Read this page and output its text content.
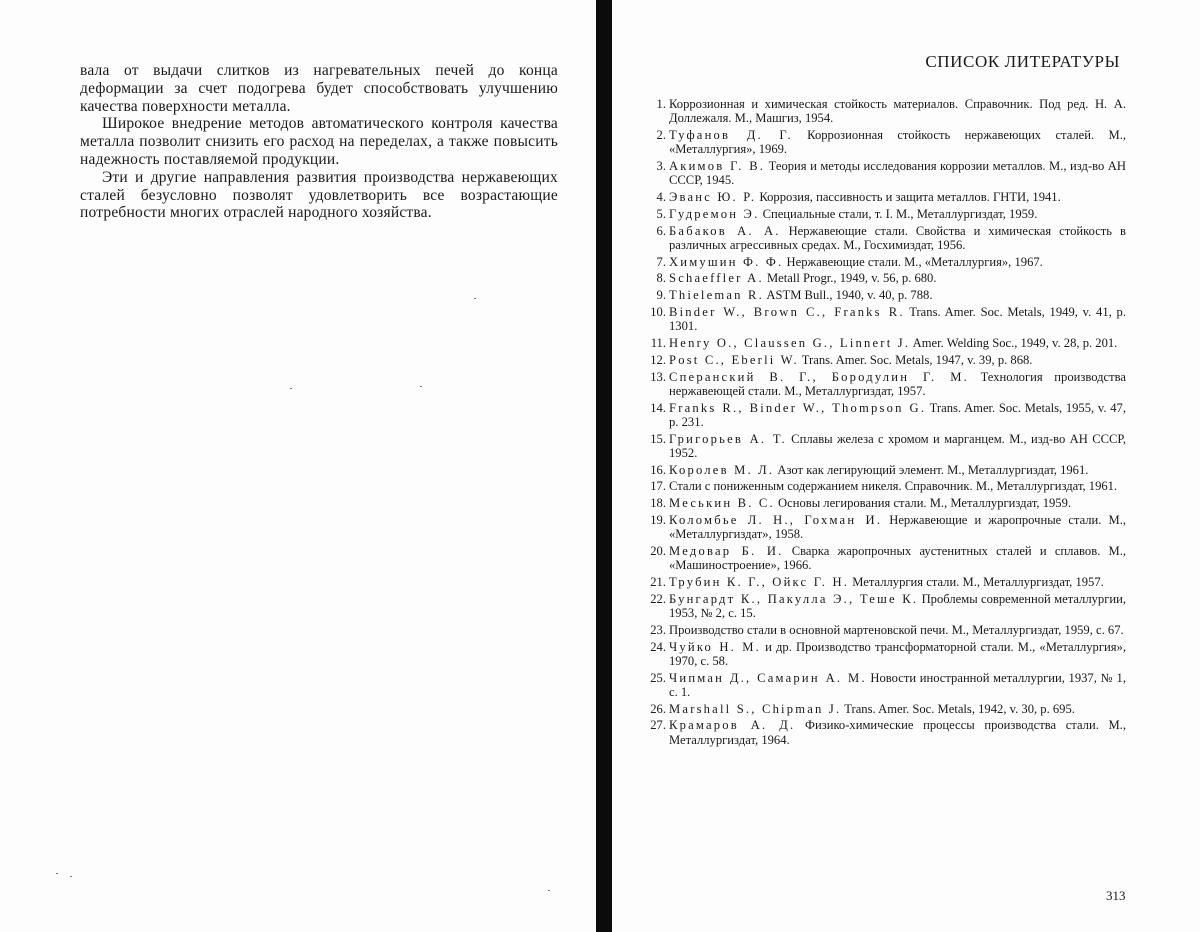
вала от выдачи слитков из нагревательных печей до конца деформации за счет подогрева будет способствовать улучшению качества поверхности металла.

Широкое внедрение методов автоматического контроля качества металла позволит снизить его расход на переделах, а также повысить надежность поставляемой продукции.

Эти и другие направления развития производства нержавеющих сталей безусловно позволят удовлетворить все возрастающие потребности многих отраслей народного хозяйства.

СПИСОК ЛИТЕРАТУРЫ
1. Коррозионная и химическая стойкость материалов. Справочник. Под ред. Н. А. Доллежаля. М., Машгиз, 1954.
2. Туфанов Д. Г. Коррозионная стойкость нержавеющих сталей. М., «Металлургия», 1969.
3. Акимов Г. В. Теория и методы исследования коррозии металлов. М., изд-во АН СССР, 1945.
4. Эванс Ю. Р. Коррозия, пассивность и защита металлов. ГНТИ, 1941.
5. Гудремон Э. Специальные стали, т. I. М., Металлургиздат, 1959.
6. Бабаков А. А. Нержавеющие стали. Свойства и химическая стойкость в различных агрессивных средах. М., Госхимиздат, 1956.
7. Химушин Ф. Ф. Нержавеющие стали. М., «Металлургия», 1967.
8. Schaeffler A. Metall Progr., 1949, v. 56, p. 680.
9. Thieleman R. ASTM Bull., 1940, v. 40, p. 788.
10. Binder W., Brown C., Franks R. Trans. Amer. Soc. Metals, 1949, v. 41, p. 1301.
11. Henry O., Claussen G., Linnert J. Amer. Welding Soc., 1949, v. 28, p. 201.
12. Post C., Eberli W. Trans. Amer. Soc. Metals, 1947, v. 39, p. 868.
13. Сперанский В. Г., Бородулин Г. М. Технология производства нержавеющей стали. М., Металлургиздат, 1957.
14. Franks R., Binder W., Thompson G. Trans. Amer. Soc. Metals, 1955, v. 47, p. 231.
15. Григорьев А. Т. Сплавы железа с хромом и марганцем. М., изд-во АН СССР, 1952.
16. Королев М. Л. Азот как легирующий элемент. М., Металлургиздат, 1961.
17. Стали с пониженным содержанием никеля. Справочник. М., Металлургиздат, 1961.
18. Меськин В. С. Основы легирования стали. М., Металлургиздат, 1959.
19. Коломбье Л. Н., Гохман И. Нержавеющие и жаропрочные стали. М., «Металлургиздат», 1958.
20. Медовар Б. И. Сварка жаропрочных аустенитных сталей и сплавов. М., «Машиностроение», 1966.
21. Трубин К. Г., Ойкс Г. Н. Металлургия стали. М., Металлургиздат, 1957.
22. Бунгардт К., Пакулла Э., Теше К. Проблемы современной металлургии, 1953, № 2, с. 15.
23. Производство стали в основной мартеновской печи. М., Металлургиздат, 1959, с. 67.
24. Чуйко Н. М. и др. Производство трансформаторной стали. М., «Металлургия», 1970, с. 58.
25. Чипман Д., Самарин А. М. Новости иностранной металлургии, 1937, № 1, с. 1.
26. Marshall S., Chipman J. Trans. Amer. Soc. Metals, 1942, v. 30, p. 695.
27. Крамаров А. Д. Физико-химические процессы производства стали. М., Металлургиздат, 1964.
313
